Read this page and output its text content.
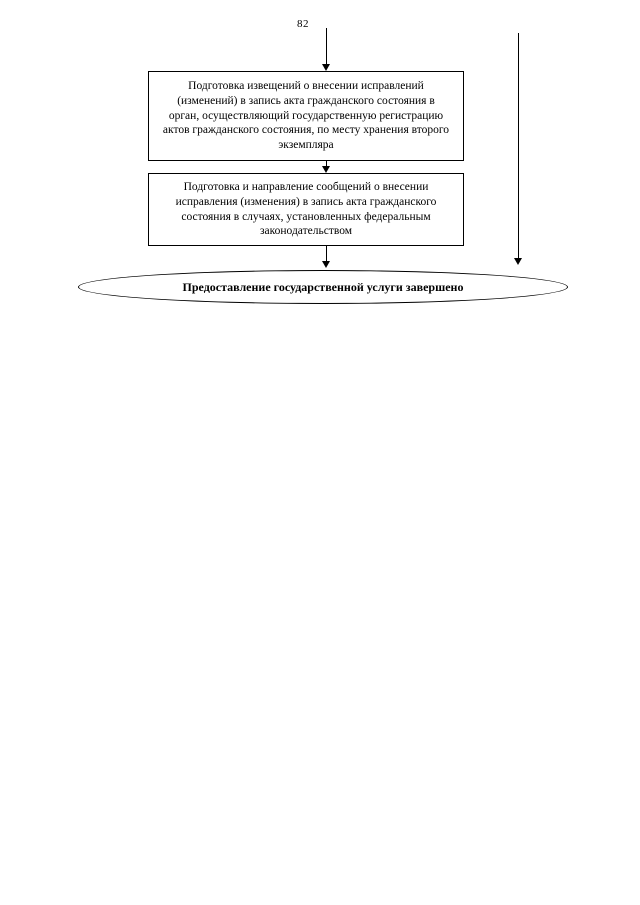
82
Подготовка извещений о внесении исправлений (изменений) в запись акта гражданского состояния в орган, осуществляющий государственную регистрацию актов гражданского состояния, по месту хранения второго экземпляра
Подготовка и направление сообщений о внесении исправления (изменения) в запись акта гражданского состояния в случаях, установленных федеральным законодательством
Предоставление государственной услуги завершено
